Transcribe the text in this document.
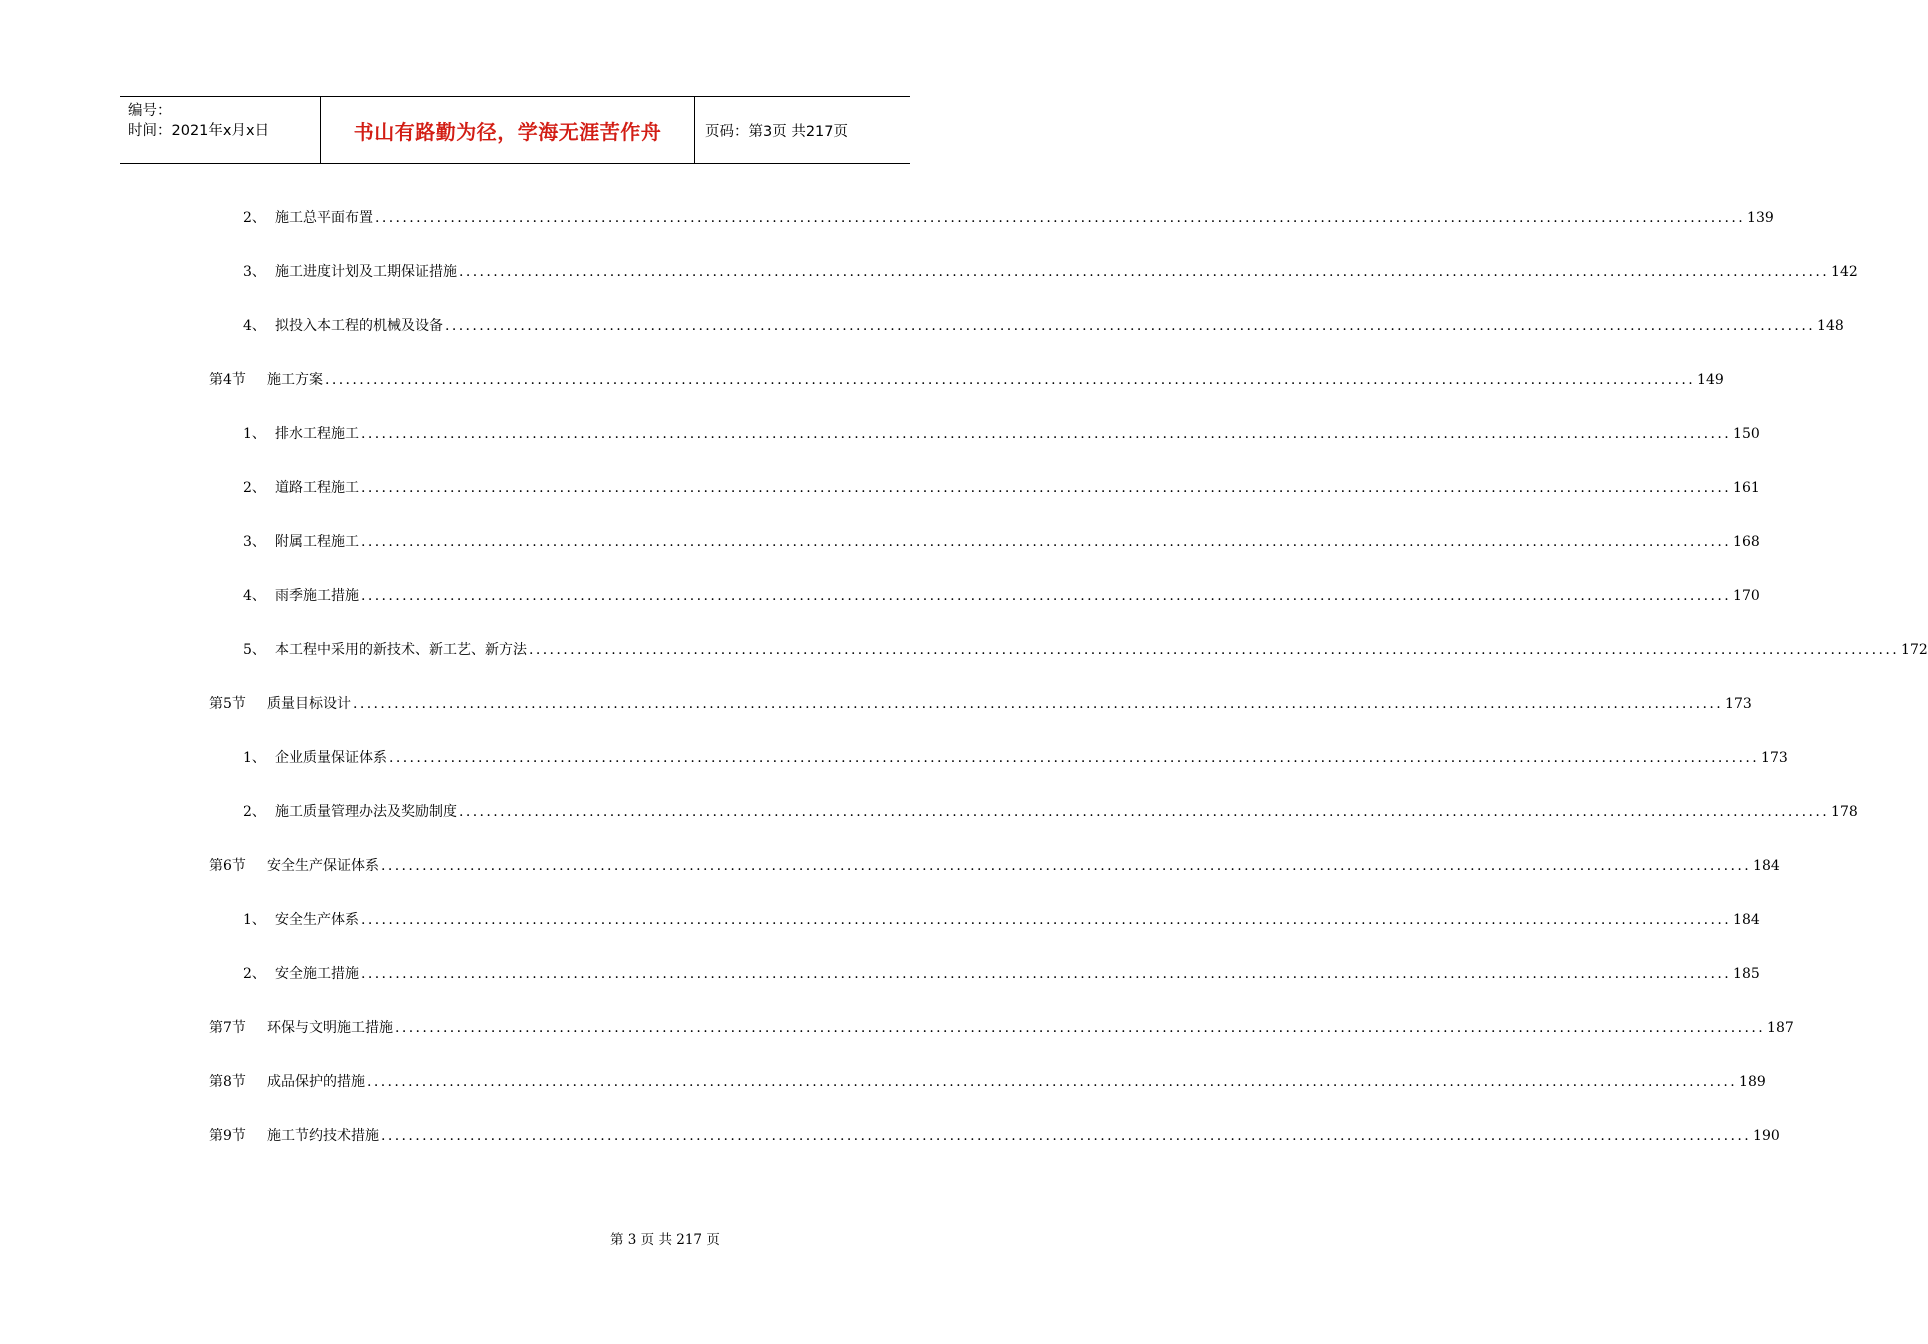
编号：
时间：2021年x月x日	书山有路勤为径，学海无涯苦作舟	页码：第3页 共217页
2、 施工总平面布置 ........................................................................................................................................................................................................ 139
3、 施工进度计划及工期保证措施 ........................................................................................................................................................................................................ 142
4、 拟投入本工程的机械及设备 ........................................................................................................................................................................................................ 148
第4节	施工方案 ........................................................................................................................................................................................................ 149
1、 排水工程施工 ........................................................................................................................................................................................................ 150
2、 道路工程施工 ........................................................................................................................................................................................................ 161
3、 附属工程施工 ........................................................................................................................................................................................................ 168
4、 雨季施工措施 ........................................................................................................................................................................................................ 170
5、 本工程中采用的新技术、新工艺、新方法 ........................................................................................................................................................................................................ 172
第5节	质量目标设计 ........................................................................................................................................................................................................ 173
1、 企业质量保证体系 ........................................................................................................................................................................................................ 173
2、 施工质量管理办法及奖励制度 ........................................................................................................................................................................................................ 178
第6节	安全生产保证体系 ........................................................................................................................................................................................................ 184
1、 安全生产体系 ........................................................................................................................................................................................................ 184
2、 安全施工措施 ........................................................................................................................................................................................................ 185
第7节	环保与文明施工措施 ........................................................................................................................................................................................................ 187
第8节	成品保护的措施 ........................................................................................................................................................................................................ 189
第9节	施工节约技术措施 ........................................................................................................................................................................................................ 190
第 3 页 共 217 页
